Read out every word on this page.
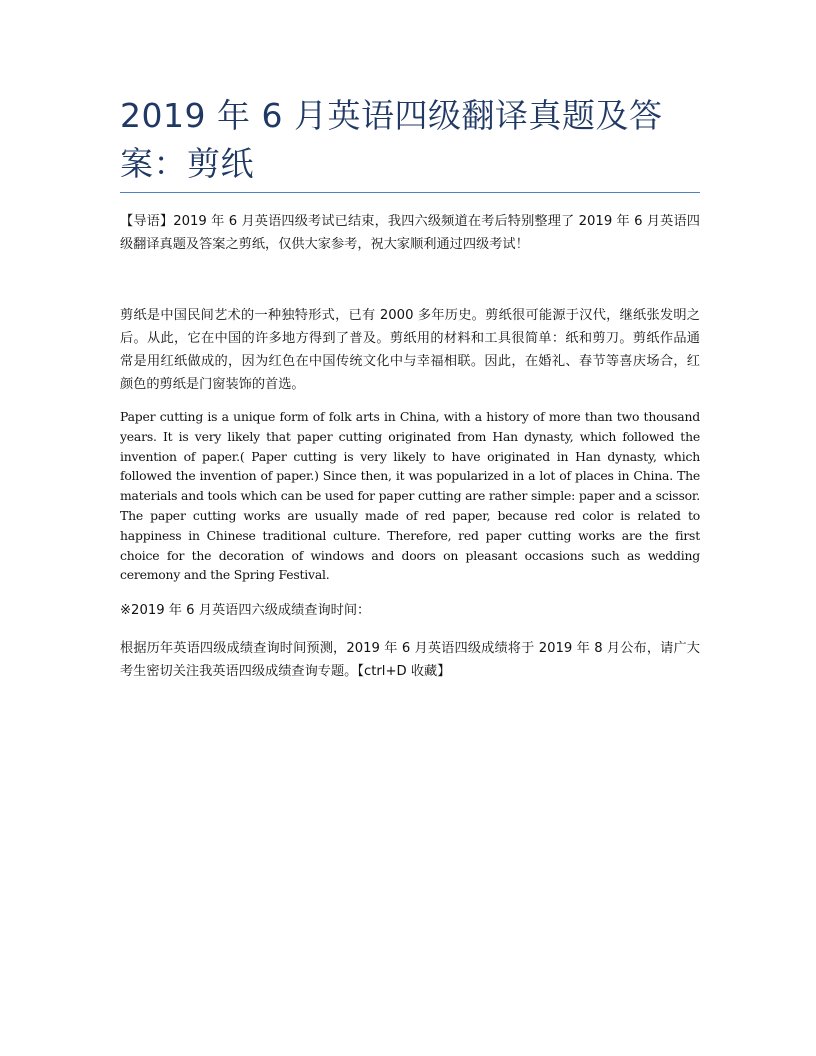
2019 年 6 月英语四级翻译真题及答案：剪纸

【导语】2019 年 6 月英语四级考试已结束，我四六级频道在考后特别整理了 2019 年 6 月英语四级翻译真题及答案之剪纸，仅供大家参考，祝大家顺利通过四级考试！

剪纸是中国民间艺术的一种独特形式，已有 2000 多年历史。剪纸很可能源于汉代，继纸张发明之后。从此，它在中国的许多地方得到了普及。剪纸用的材料和工具很简单：纸和剪刀。剪纸作品通常是用红纸做成的，因为红色在中国传统文化中与幸福相联。因此，在婚礼、春节等喜庆场合，红颜色的剪纸是门窗装饰的首选。

Paper cutting is a unique form of folk arts in China, with a history of more than two thousand years. It is very likely that paper cutting originated from Han dynasty, which followed the invention of paper.( Paper cutting is very likely to have originated in Han dynasty, which followed the invention of paper.) Since then, it was popularized in a lot of places in China. The materials and tools which can be used for paper cutting are rather simple: paper and a scissor. The paper cutting works are usually made of red paper, because red color is related to happiness in Chinese traditional culture. Therefore, red paper cutting works are the first choice for the decoration of windows and doors on pleasant occasions such as wedding ceremony and the Spring Festival.

※2019 年 6 月英语四六级成绩查询时间：

根据历年英语四级成绩查询时间预测，2019 年 6 月英语四级成绩将于 2019 年 8 月公布，请广大考生密切关注我英语四级成绩查询专题。【ctrl+D 收藏】
